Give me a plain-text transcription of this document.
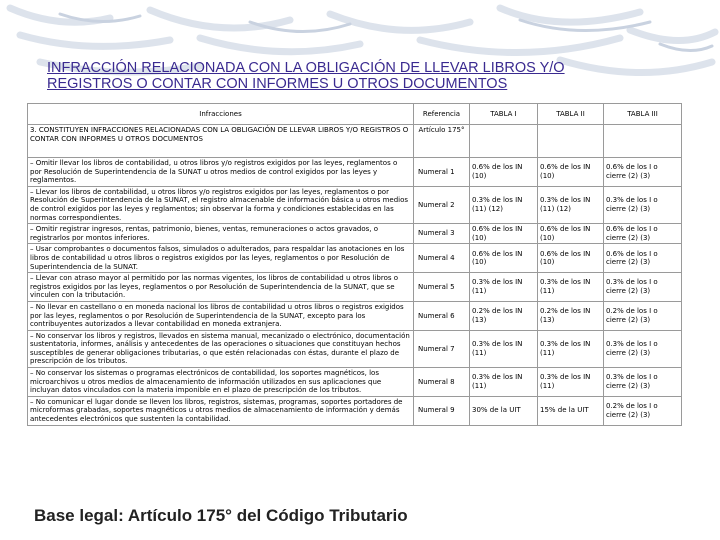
INFRACCIÓN RELACIONADA CON LA OBLIGACIÓN DE LLEVAR LIBROS Y/O
REGISTROS O CONTAR CON INFORMES U OTROS DOCUMENTOS
Infracciones	Referencia	TABLA I	TABLA II	TABLA III
3. CONSTITUYEN INFRACCIONES RELACIONADAS CON LA OBLIGACIÓN DE LLEVAR LIBROS Y/O REGISTROS O CONTAR CON INFORMES U OTROS DOCUMENTOS	Artículo 175°			
– Omitir llevar los libros de contabilidad, u otros libros y/o registros exigidos por las leyes, reglamentos o por Resolución de Superintendencia de la SUNAT u otros medios de control exigidos por las leyes y reglamentos.	Numeral 1	0.6% de los IN (10)	0.6% de los IN (10)	0.6% de los I o cierre (2) (3)
– Llevar los libros de contabilidad, u otros libros y/o registros exigidos por las leyes, reglamentos o por Resolución de Superintendencia de la SUNAT, el registro almacenable de información básica u otros medios de control exigidos por las leyes y reglamentos; sin observar la forma y condiciones establecidas en las normas correspondientes.	Numeral 2	0.3% de los IN (11) (12)	0.3% de los IN (11) (12)	0.3% de los I o cierre (2) (3)
– Omitir registrar ingresos, rentas, patrimonio, bienes, ventas, remuneraciones o actos gravados, o registrarlos por montos inferiores.	Numeral 3	0.6% de los IN (10)	0.6% de los IN (10)	0.6% de los I o cierre (2) (3)
– Usar comprobantes o documentos falsos, simulados o adulterados, para respaldar las anotaciones en los libros de contabilidad u otros libros o registros exigidos por las leyes, reglamentos o por Resolución de Superintendencia de la SUNAT.	Numeral 4	0.6% de los IN (10)	0.6% de los IN (10)	0.6% de los I o cierre (2) (3)
– Llevar con atraso mayor al permitido por las normas vigentes, los libros de contabilidad u otros libros o registros exigidos por las leyes, reglamentos o por Resolución de Superintendencia de la SUNAT, que se vinculen con la tributación.	Numeral 5	0.3% de los IN (11)	0.3% de los IN (11)	0.3% de los I o cierre (2) (3)
– No llevar en castellano o en moneda nacional los libros de contabilidad u otros libros o registros exigidos por las leyes, reglamentos o por Resolución de Superintendencia de la SUNAT, excepto para los contribuyentes autorizados a llevar contabilidad en moneda extranjera.	Numeral 6	0.2% de los IN (13)	0.2% de los IN (13)	0.2% de los I o cierre (2) (3)
– No conservar los libros y registros, llevados en sistema manual, mecanizado o electrónico, documentación sustentatoria, informes, análisis y antecedentes de las operaciones o situaciones que constituyan hechos susceptibles de generar obligaciones tributarias, o que estén relacionadas con éstas, durante el plazo de prescripción de los tributos.	Numeral 7	0.3% de los IN (11)	0.3% de los IN (11)	0.3% de los I o cierre (2) (3)
– No conservar los sistemas o programas electrónicos de contabilidad, los soportes magnéticos, los microarchivos u otros medios de almacenamiento de información utilizados en sus aplicaciones que incluyan datos vinculados con la materia imponible en el plazo de prescripción de los tributos.	Numeral 8	0.3% de los IN (11)	0.3% de los IN (11)	0.3% de los I o cierre (2) (3)
– No comunicar el lugar donde se lleven los libros, registros, sistemas, programas, soportes portadores de microformas grabadas, soportes magnéticos u otros medios de almacenamiento de información y demás antecedentes electrónicos que sustenten la contabilidad.	Numeral 9	30% de la UIT	15% de la UIT	0.2% de los I o cierre (2) (3)
Base legal: Artículo 175° del Código Tributario
